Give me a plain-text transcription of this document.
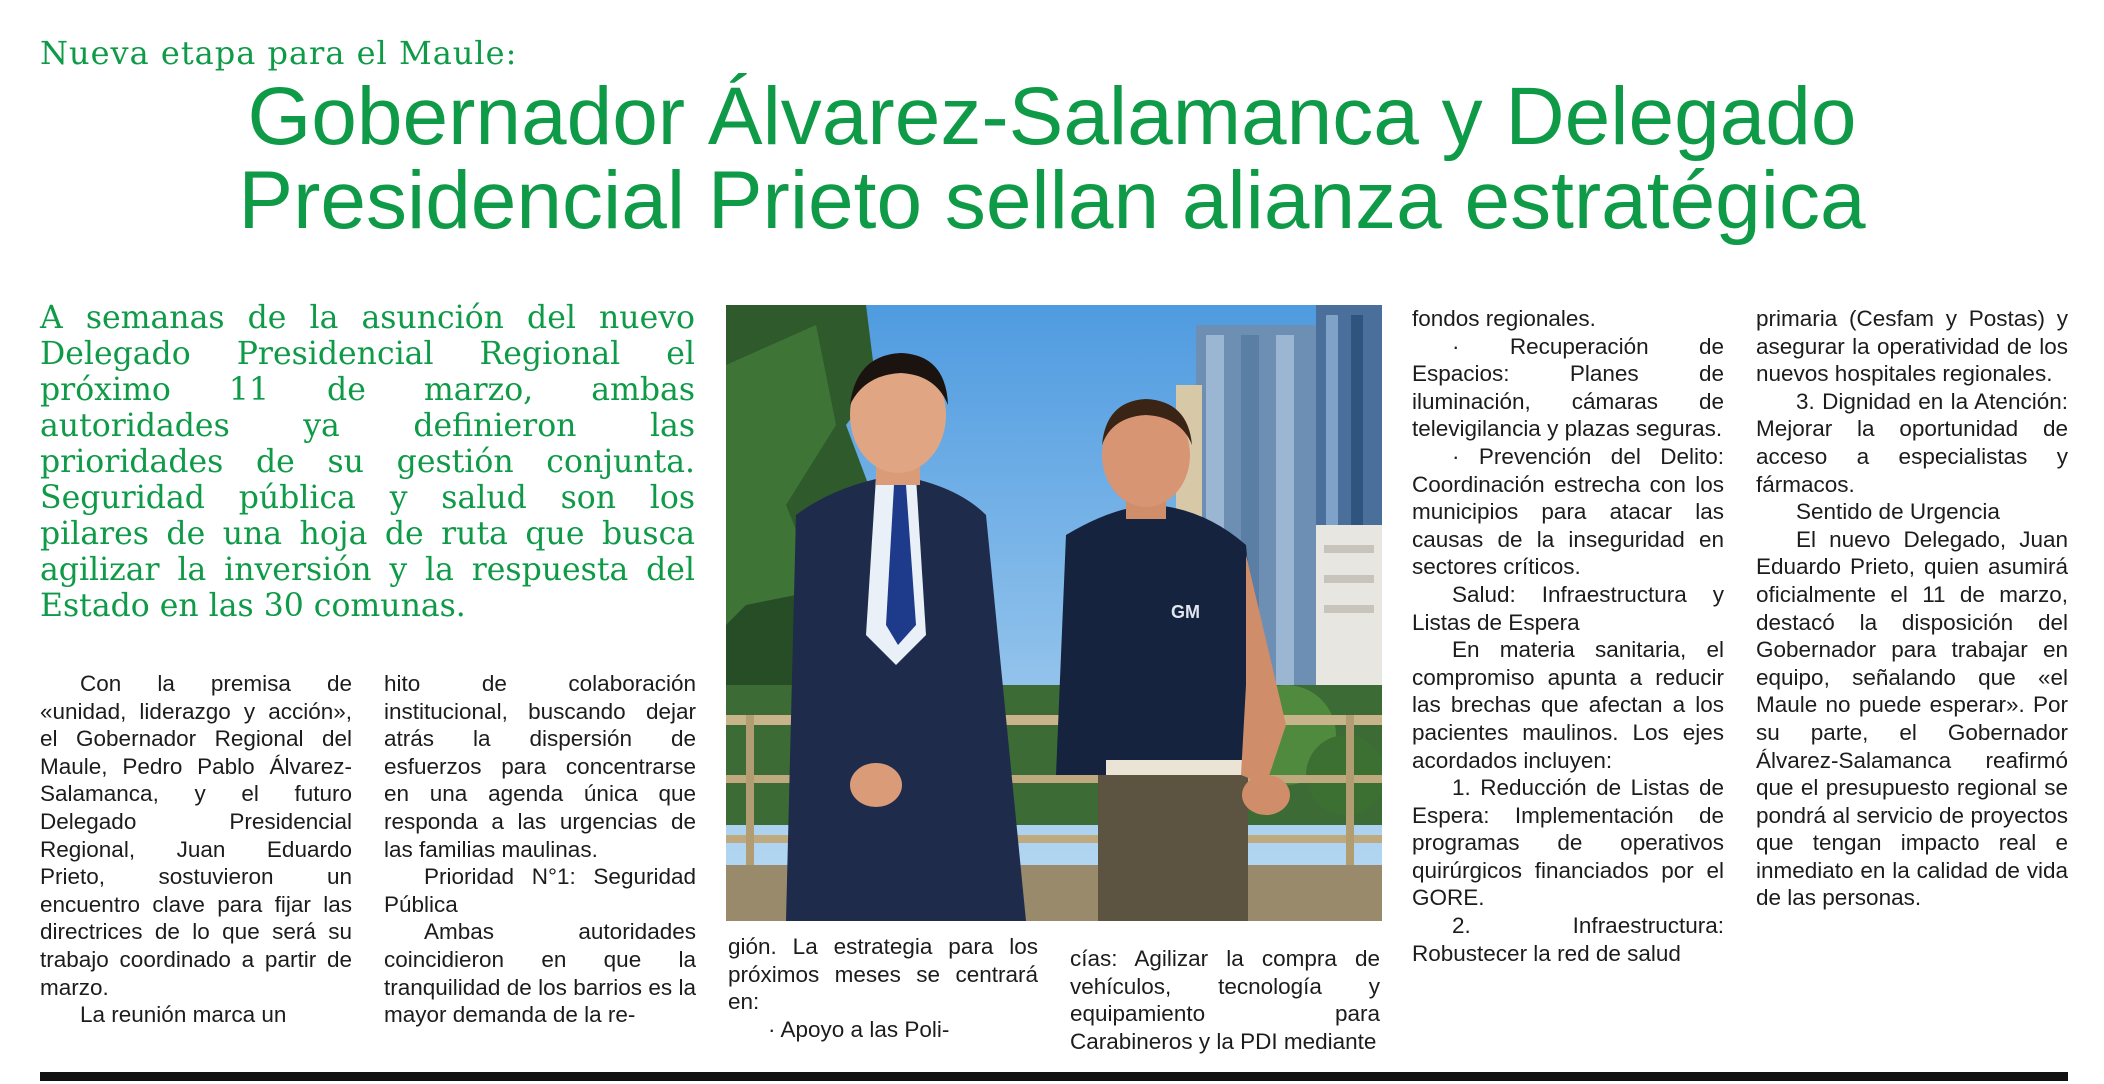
Nueva etapa para el Maule:
Gobernador Álvarez-Salamanca y Delegado
Presidencial Prieto sellan alianza estratégica
A semanas de la asunción del nuevo Delegado Presidencial Regional el próximo 11 de marzo, ambas autoridades ya definieron las prioridades de su gestión conjunta. Seguridad pública y salud son los pilares de una hoja de ruta que busca agilizar la inversión y la respuesta del Estado en las 30 comunas.	GM

Con la premisa de «unidad, liderazgo y acción», el Gobernador Regional del Maule, Pedro Pablo Álvarez-Salamanca, y el futuro Delegado Presidencial Regional, Juan Eduardo Prieto, sostuvieron un encuentro clave para fijar las directrices de lo que será su trabajo coordinado a partir de marzo.

La reunión marca un

hito de colaboración institucional, buscando dejar atrás la dispersión de esfuerzos para concentrarse en una agenda única que responda a las urgencias de las familias maulinas.

Prioridad N°1: Seguridad Pública

Ambas autoridades coincidieron en que la tranquilidad de los barrios es la mayor demanda de la re-

gión. La estrategia para los próximos meses se centrará en:

· Apoyo a las Poli-

cías: Agilizar la compra de vehículos, tecnología y equipamiento para Carabineros y la PDI mediante

fondos regionales.

· Recuperación de Espacios: Planes de iluminación, cámaras de televigilancia y plazas seguras.

· Prevención del Delito: Coordinación estrecha con los municipios para atacar las causas de la inseguridad en sectores críticos.

Salud: Infraestructura y Listas de Espera

En materia sanitaria, el compromiso apunta a reducir las brechas que afectan a los pacientes maulinos. Los ejes acordados incluyen:

1. Reducción de Listas de Espera: Implementación de programas de operativos quirúrgicos financiados por el GORE.

2. Infraestructura: Robustecer la red de salud

primaria (Cesfam y Postas) y asegurar la operatividad de los nuevos hospitales regionales.

3. Dignidad en la Atención: Mejorar la oportunidad de acceso a especialistas y fármacos.

Sentido de Urgencia

El nuevo Delegado, Juan Eduardo Prieto, quien asumirá oficialmente el 11 de marzo, destacó la disposición del Gobernador para trabajar en equipo, señalando que «el Maule no puede esperar». Por su parte, el Gobernador Álvarez-Salamanca reafirmó que el presupuesto regional se pondrá al servicio de proyectos que tengan impacto real e inmediato en la calidad de vida de las personas.
